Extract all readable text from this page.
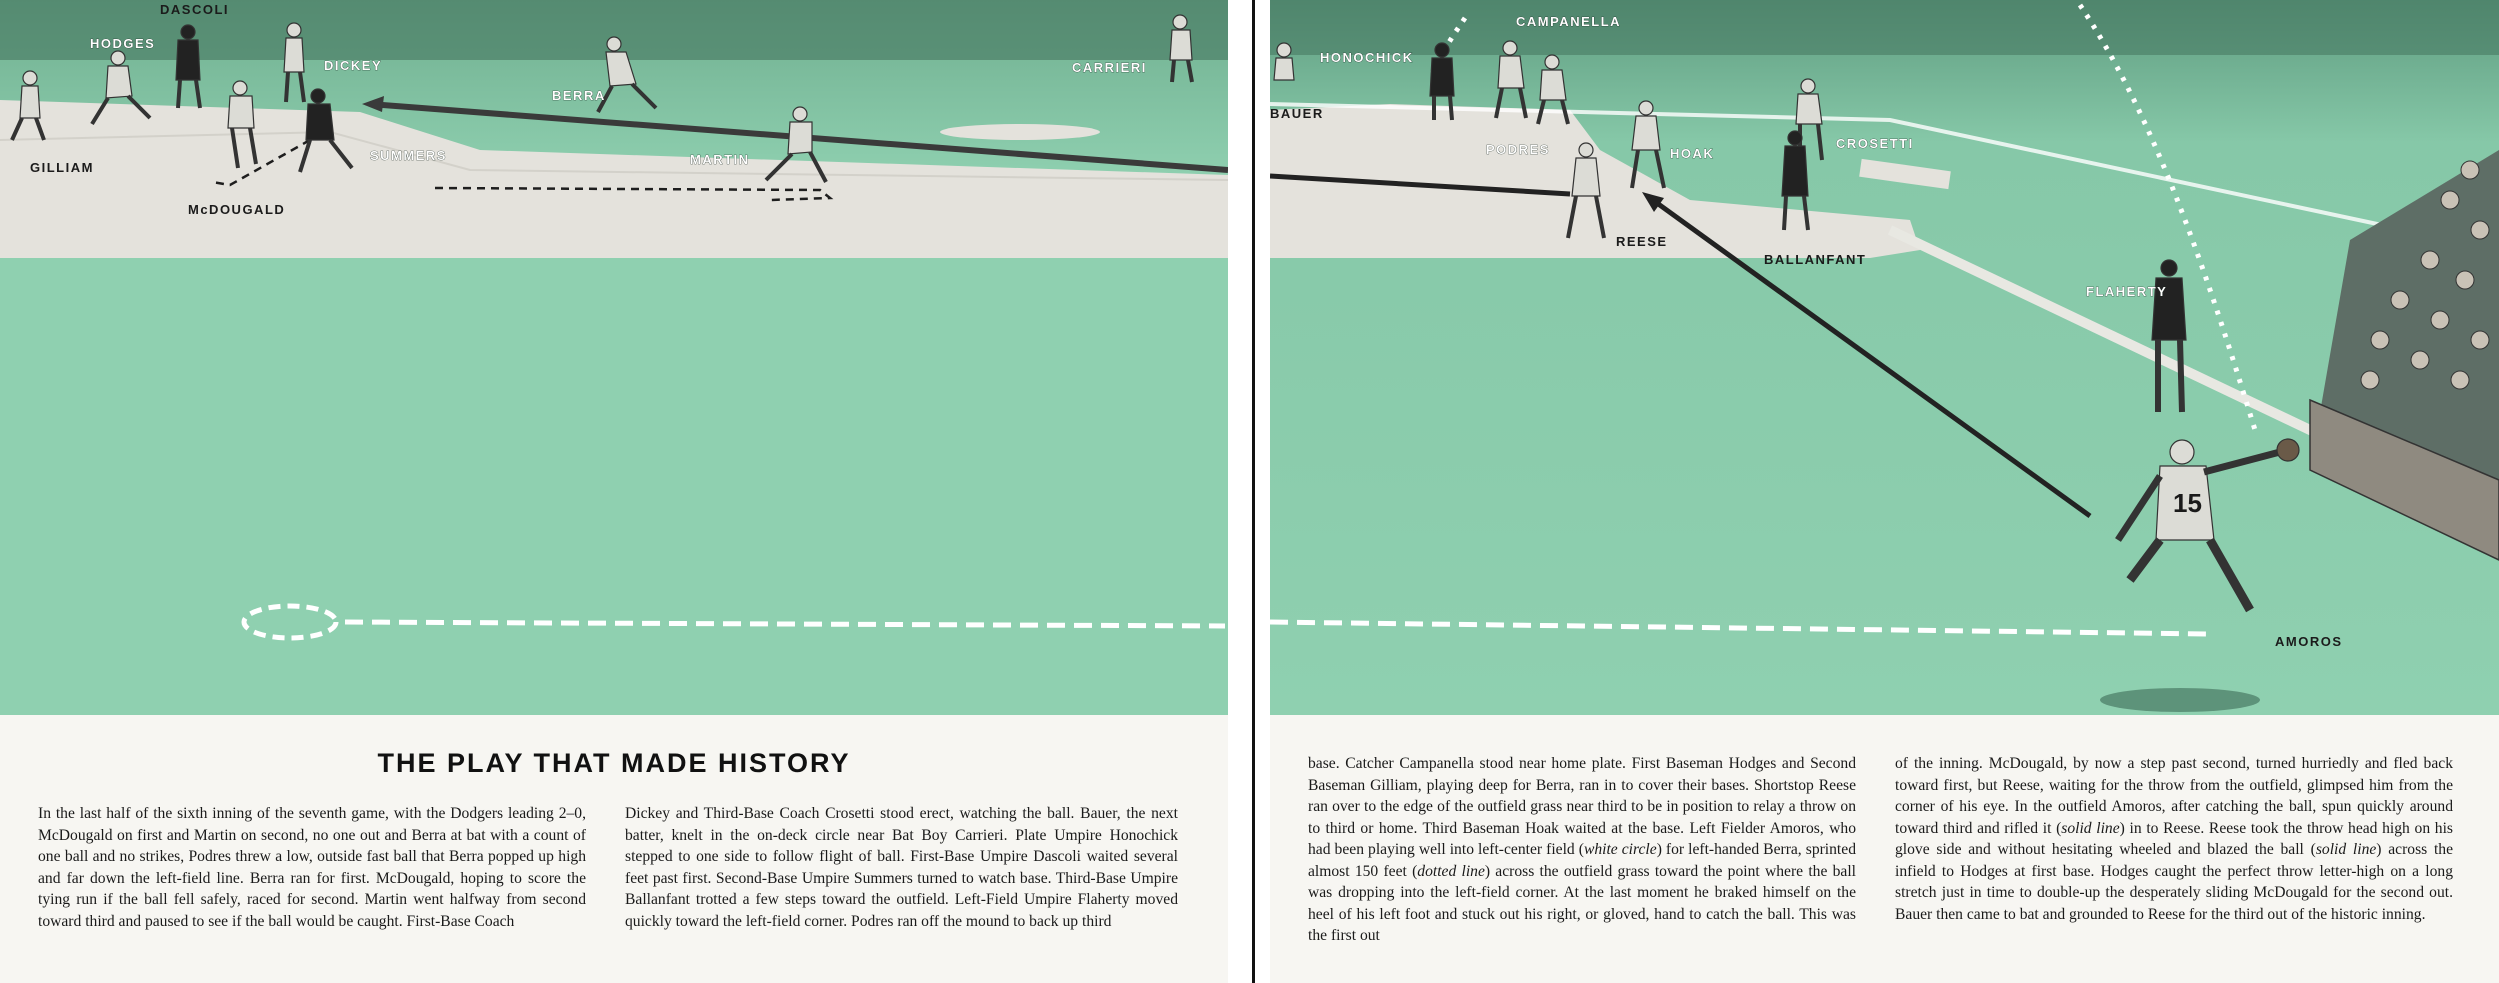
DASCOLI
HODGES
DICKEY
BERRA
CARRIERI
GILLIAM
SUMMERS	MARTIN
McDOUGALD
THE PLAY THAT MADE HISTORY

In the last half of the sixth inning of the seventh game, with the Dodgers leading 2–0, McDougald on first and Martin on second, no one out and Berra at bat with a count of one ball and no strikes, Podres threw a low, outside fast ball that Berra popped up high and far down the left-field line. Berra ran for first. McDougald, hoping to score the tying run if the ball fell safely, raced for second. Martin went halfway from second toward third and paused to see if the ball would be caught. First-Base Coach

Dickey and Third-Base Coach Crosetti stood erect, watching the ball. Bauer, the next batter, knelt in the on-deck circle near Bat Boy Carrieri. Plate Umpire Honochick stepped to one side to follow flight of ball. First-Base Umpire Dascoli waited several feet past first. Second-Base Umpire Summers turned to watch base. Third-Base Umpire Ballanfant trotted a few steps toward the outfield. Left-Field Umpire Flaherty moved quickly toward the left-field corner. Podres ran off the mound to back up third

15
CAMPANELLA
HONOCHICK
BAUER
PODRES	HOAK
CROSETTI
REESE
BALLANFANT
FLAHERTY
AMOROS

base. Catcher Campanella stood near home plate. First Baseman Hodges and Second Baseman Gilliam, playing deep for Berra, ran in to cover their bases. Shortstop Reese ran over to the edge of the outfield grass near third to be in position to relay a throw on to third or home. Third Baseman Hoak waited at the base. Left Fielder Amoros, who had been playing well into left-center field (white circle) for left-handed Berra, sprinted almost 150 feet (dotted line) across the outfield grass toward the point where the ball was dropping into the left-field corner. At the last moment he braked himself on the heel of his left foot and stuck out his right, or gloved, hand to catch the ball. This was the first out

of the inning. McDougald, by now a step past second, turned hurriedly and fled back toward first, but Reese, waiting for the throw from the outfield, glimpsed him from the corner of his eye. In the outfield Amoros, after catching the ball, spun quickly around toward third and rifled it (solid line) in to Reese. Reese took the throw head high on his glove side and without hesitating wheeled and blazed the ball (solid line) across the infield to Hodges at first base. Hodges caught the perfect throw letter-high on a long stretch just in time to double-up the desperately sliding McDougald for the second out. Bauer then came to bat and grounded to Reese for the third out of the historic inning.
